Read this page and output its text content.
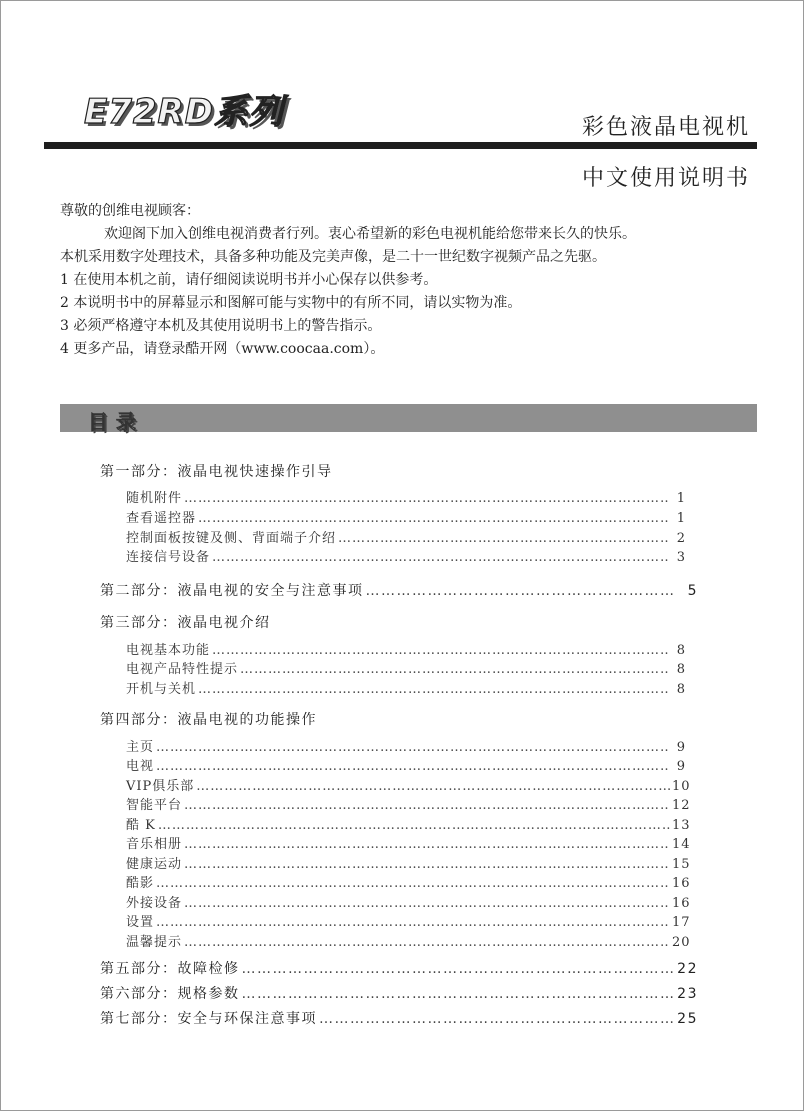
E72RD系列	彩色液晶电视机
中文使用说明书

尊敬的创维电视顾客：

欢迎阁下加入创维电视消费者行列。衷心希望新的彩色电视机能给您带来长久的快乐。

本机采用数字处理技术，具备多种功能及完美声像，是二十一世纪数字视频产品之先驱。

1 在使用本机之前，请仔细阅读说明书并小心保存以供参考。

2 本说明书中的屏幕显示和图解可能与实物中的有所不同，请以实物为准。

3 必须严格遵守本机及其使用说明书上的警告指示。

4 更多产品，请登录酷开网（www.coocaa.com）。

目录
第一部分：液晶电视快速操作引导
随机附件 …………………………………………………………………………………………………………………………………………………………………………	1
查看遥控器 …………………………………………………………………………………………………………………………………………………………………………	1
控制面板按键及侧、背面端子介绍 …………………………………………………………………………………………………………………………………………………………………………	2
连接信号设备 …………………………………………………………………………………………………………………………………………………………………………	3
第二部分：液晶电视的安全与注意事项 …………………………………………………………………………………………………………………………………………………………………………	5
第三部分：液晶电视介绍
电视基本功能 …………………………………………………………………………………………………………………………………………………………………………	8
电视产品特性提示 …………………………………………………………………………………………………………………………………………………………………………	8
开机与关机 …………………………………………………………………………………………………………………………………………………………………………	8
第四部分：液晶电视的功能操作
主页 …………………………………………………………………………………………………………………………………………………………………………	9
电视 …………………………………………………………………………………………………………………………………………………………………………	9
VIP俱乐部 …………………………………………………………………………………………………………………………………………………………………………	10
智能平台 …………………………………………………………………………………………………………………………………………………………………………	12
酷 K …………………………………………………………………………………………………………………………………………………………………………	13
音乐相册 …………………………………………………………………………………………………………………………………………………………………………	14
健康运动 …………………………………………………………………………………………………………………………………………………………………………	15
酷影 …………………………………………………………………………………………………………………………………………………………………………	16
外接设备 …………………………………………………………………………………………………………………………………………………………………………	16
设置 …………………………………………………………………………………………………………………………………………………………………………	17
温馨提示 …………………………………………………………………………………………………………………………………………………………………………	20
第五部分：故障检修 …………………………………………………………………………………………………………………………………………………………………………	22
第六部分：规格参数 …………………………………………………………………………………………………………………………………………………………………………	23
第七部分：安全与环保注意事项 …………………………………………………………………………………………………………………………………………………………………………	25
